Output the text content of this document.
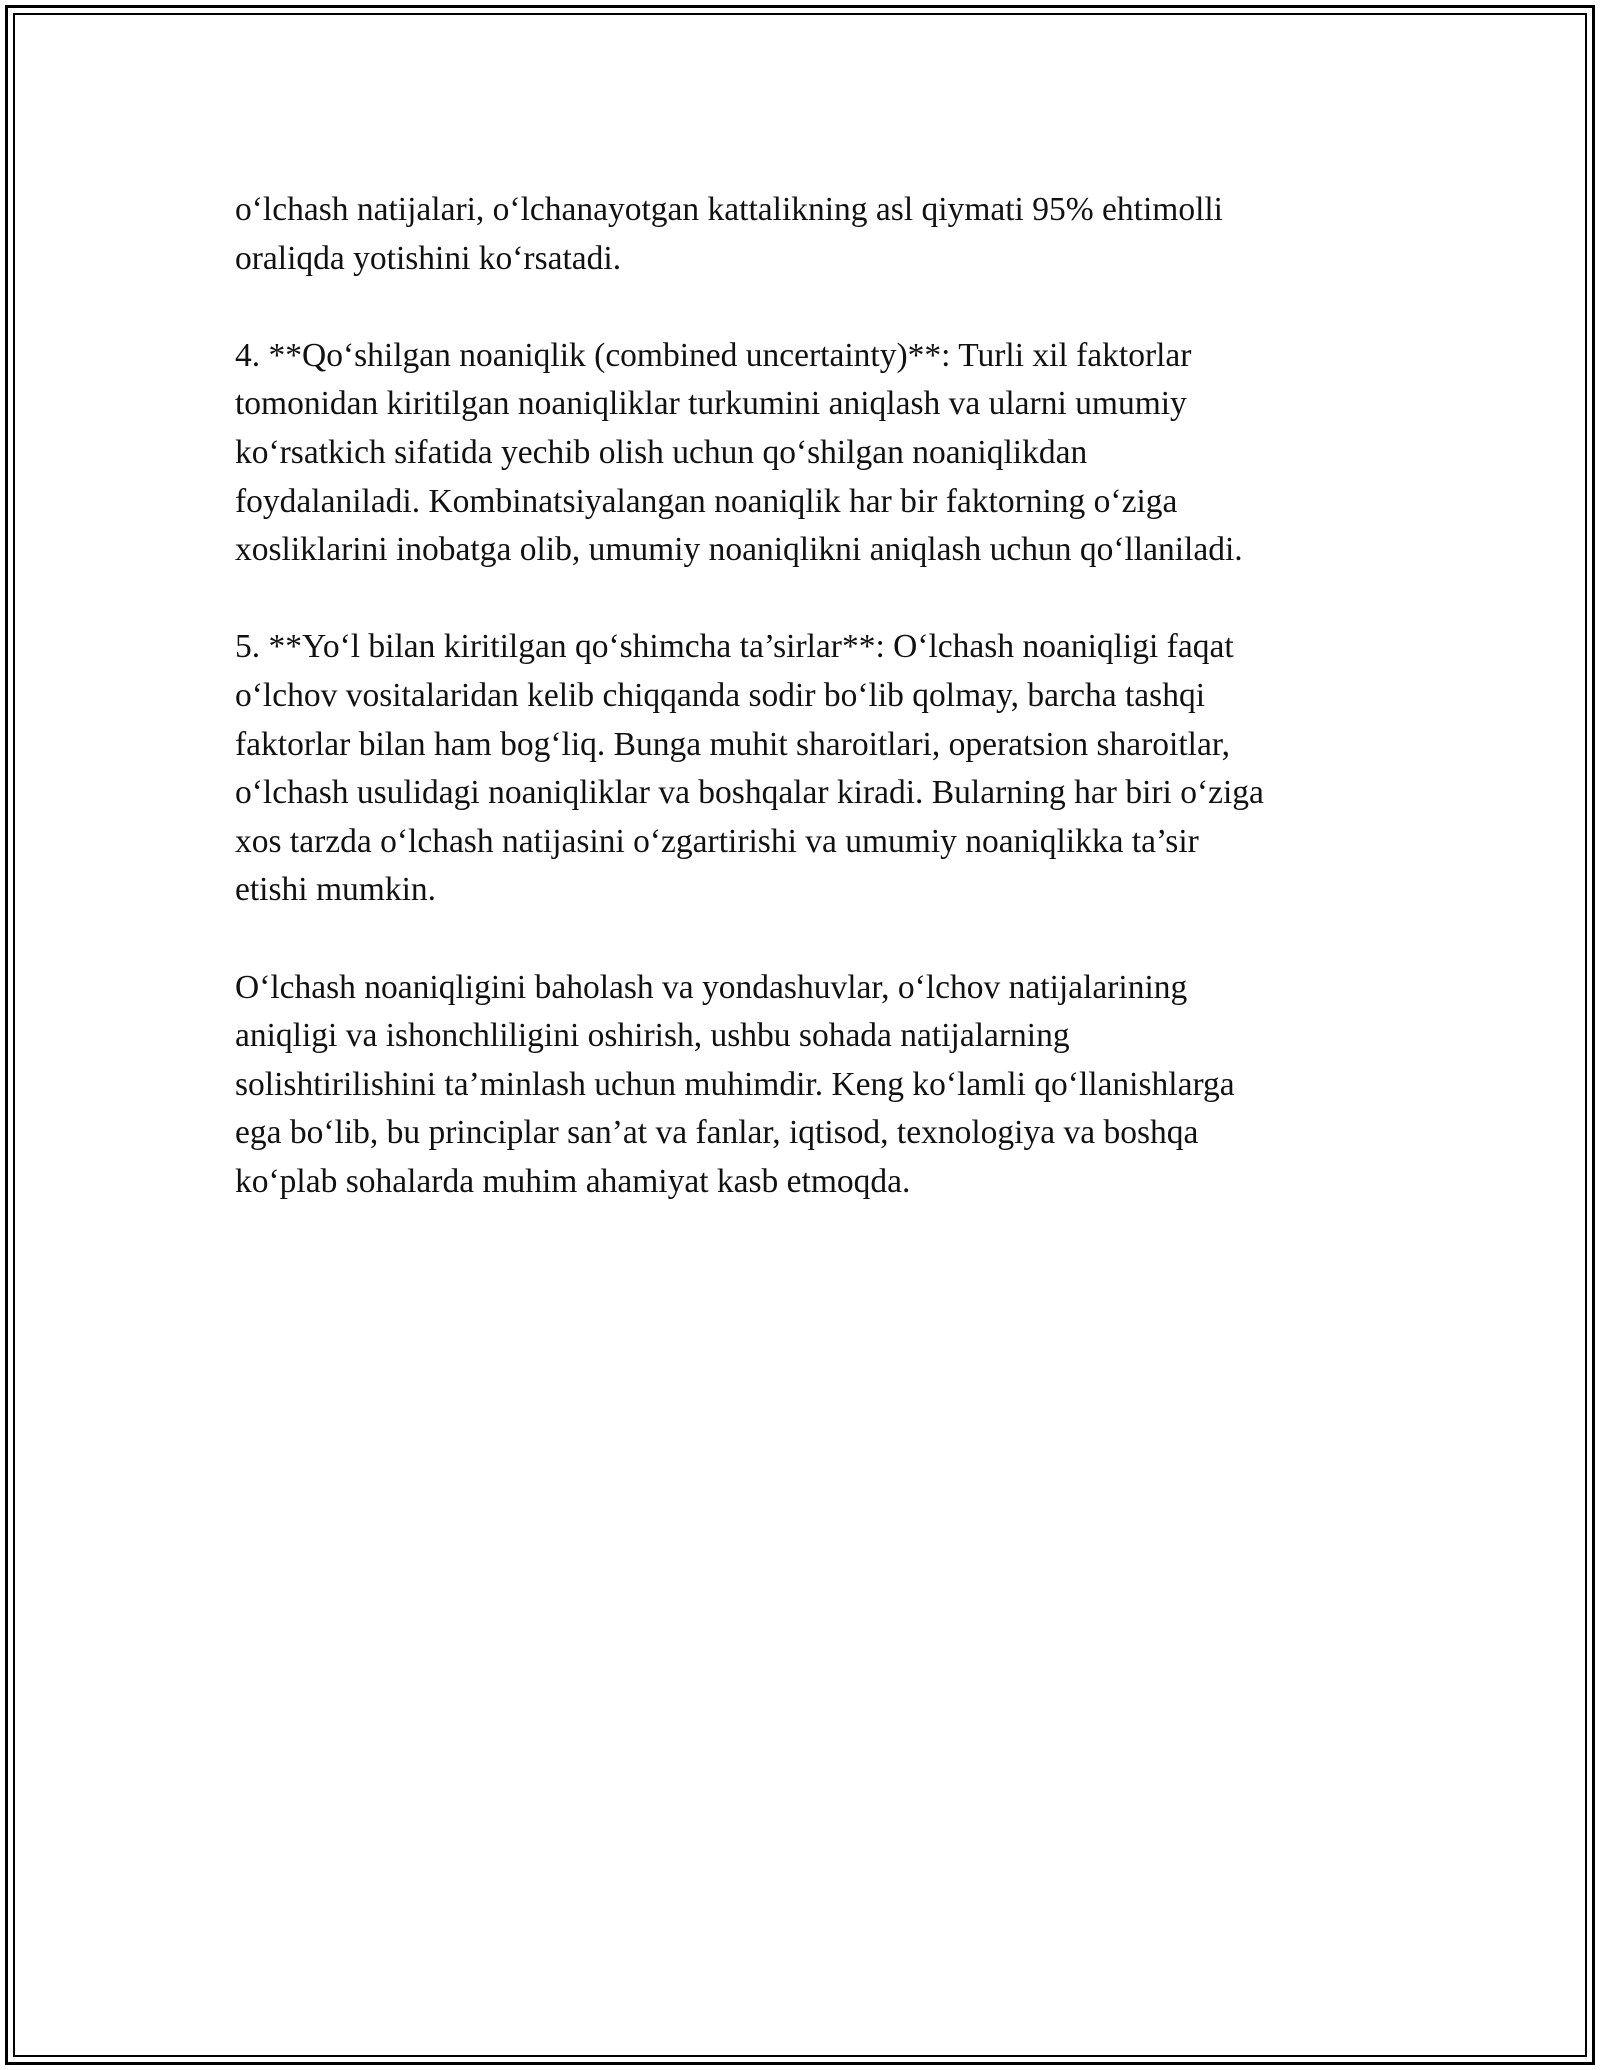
o‘lchash natijalari, o‘lchanayotgan kattalikning asl qiymati 95% ehtimolli
oraliqda yotishini ko‘rsatadi.

4. **Qo‘shilgan noaniqlik (combined uncertainty)**: Turli xil faktorlar
tomonidan kiritilgan noaniqliklar turkumini aniqlash va ularni umumiy
ko‘rsatkich sifatida yechib olish uchun qo‘shilgan noaniqlikdan
foydalaniladi. Kombinatsiyalangan noaniqlik har bir faktorning o‘ziga
xosliklarini inobatga olib, umumiy noaniqlikni aniqlash uchun qo‘llaniladi.

5. **Yo‘l bilan kiritilgan qo‘shimcha ta’sirlar**: O‘lchash noaniqligi faqat
o‘lchov vositalaridan kelib chiqqanda sodir bo‘lib qolmay, barcha tashqi
faktorlar bilan ham bog‘liq. Bunga muhit sharoitlari, operatsion sharoitlar,
o‘lchash usulidagi noaniqliklar va boshqalar kiradi. Bularning har biri o‘ziga
xos tarzda o‘lchash natijasini o‘zgartirishi va umumiy noaniqlikka ta’sir
etishi mumkin.

O‘lchash noaniqligini baholash va yondashuvlar, o‘lchov natijalarining
aniqligi va ishonchliligini oshirish, ushbu sohada natijalarning
solishtirilishini ta’minlash uchun muhimdir. Keng ko‘lamli qo‘llanishlarga
ega bo‘lib, bu principlar san’at va fanlar, iqtisod, texnologiya va boshqa
ko‘plab sohalarda muhim ahamiyat kasb etmoqda.
